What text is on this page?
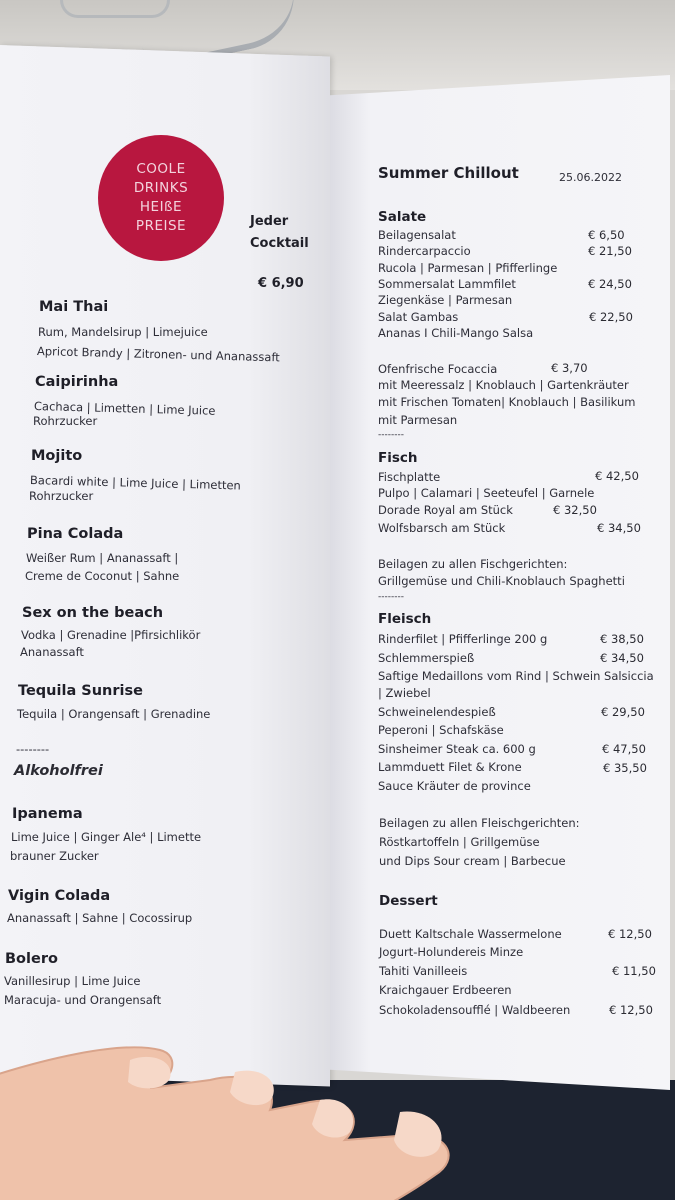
COOLE
DRINKS
HEIßE
PREISE	Jeder
Cocktail
€ 6,90
Mai Thai
Rum, Mandelsirup | Limejuice
Apricot Brandy | Zitronen- und Ananassaft
Caipirinha
Cachaca | Limetten | Lime Juice
Rohrzucker
Mojito
Bacardi white | Lime Juice | Limetten
Rohrzucker
Pina Colada
Weißer Rum | Ananassaft |
Creme de Coconut | Sahne
Sex on the beach
Vodka | Grenadine |Pfirsichlikör
Ananassaft
Tequila Sunrise
Tequila | Orangensaft | Grenadine
--------
Alkoholfrei
Ipanema
Lime Juice | Ginger Ale⁴ | Limette
brauner Zucker
Vigin Colada
Ananassaft | Sahne | Cocossirup
Bolero
Vanillesirup | Lime Juice
Maracuja- und Orangensaft
Summer Chillout	25.06.2022
Salate
Beilagensalat	€ 6,50
Rindercarpaccio	€ 21,50
Rucola | Parmesan | Pfifferlinge
Sommersalat Lammfilet	€ 24,50
Ziegenkäse | Parmesan
Salat Gambas	€ 22,50
Ananas I Chili-Mango Salsa
Ofenfrische Focaccia	€ 3,70
mit Meeressalz | Knoblauch | Gartenkräuter
mit Frischen Tomaten| Knoblauch | Basilikum
mit Parmesan
--------
Fisch
Fischplatte	€ 42,50
Pulpo | Calamari | Seeteufel | Garnele
Dorade Royal am Stück	€ 32,50
Wolfsbarsch am Stück	€ 34,50
Beilagen zu allen Fischgerichten:
Grillgemüse und Chili-Knoblauch Spaghetti
--------
Fleisch
Rinderfilet | Pfifferlinge 200 g	€ 38,50
Schlemmerspieß	€ 34,50
Saftige Medaillons vom Rind | Schwein Salsiccia
| Zwiebel
Schweinelendespieß	€ 29,50
Peperoni | Schafskäse
Sinsheimer Steak ca. 600 g	€ 47,50
Lammduett Filet & Krone	€ 35,50
Sauce Kräuter de province
Beilagen zu allen Fleischgerichten:
Röstkartoffeln | Grillgemüse
und Dips Sour cream | Barbecue
Dessert
Duett Kaltschale Wassermelone	€ 12,50
Jogurt-Holundereis Minze
Tahiti Vanilleeis	€ 11,50
Kraichgauer Erdbeeren
Schokoladensoufflé | Waldbeeren	€ 12,50
